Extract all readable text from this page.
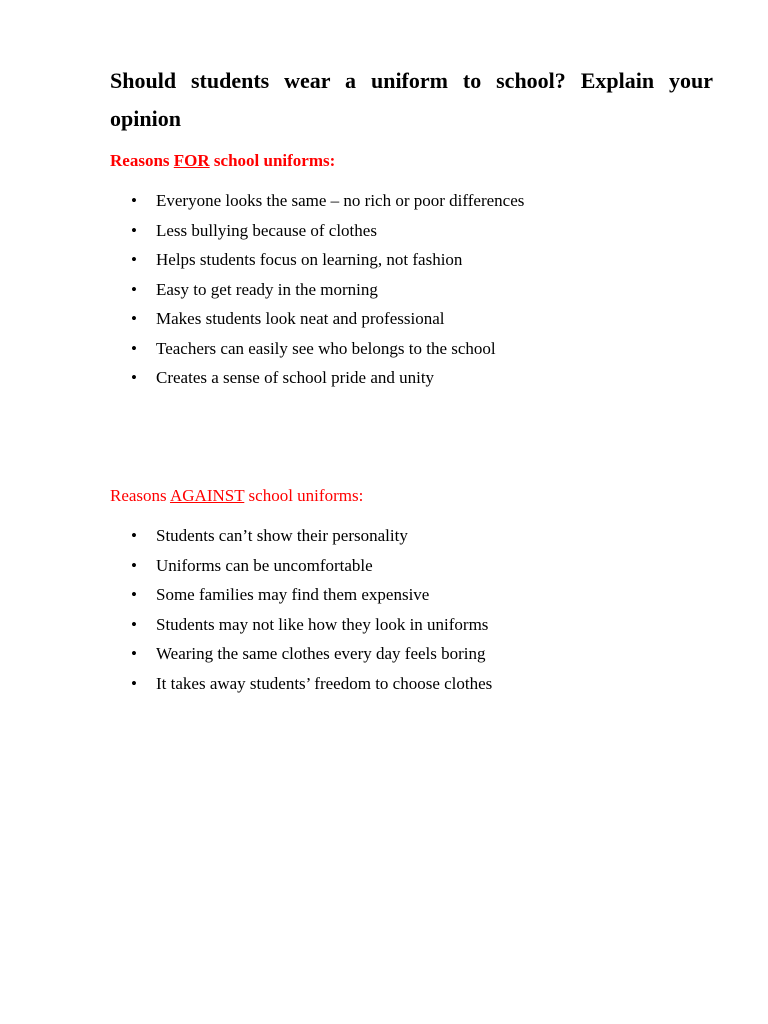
Should students wear a uniform to school? Explain your opinion

Reasons FOR school uniforms:

• Everyone looks the same – no rich or poor differences
• Less bullying because of clothes
• Helps students focus on learning, not fashion
• Easy to get ready in the morning
• Makes students look neat and professional
• Teachers can easily see who belongs to the school
• Creates a sense of school pride and unity

Reasons AGAINST school uniforms:

• Students can’t show their personality
• Uniforms can be uncomfortable
• Some families may find them expensive
• Students may not like how they look in uniforms
• Wearing the same clothes every day feels boring
• It takes away students’ freedom to choose clothes
